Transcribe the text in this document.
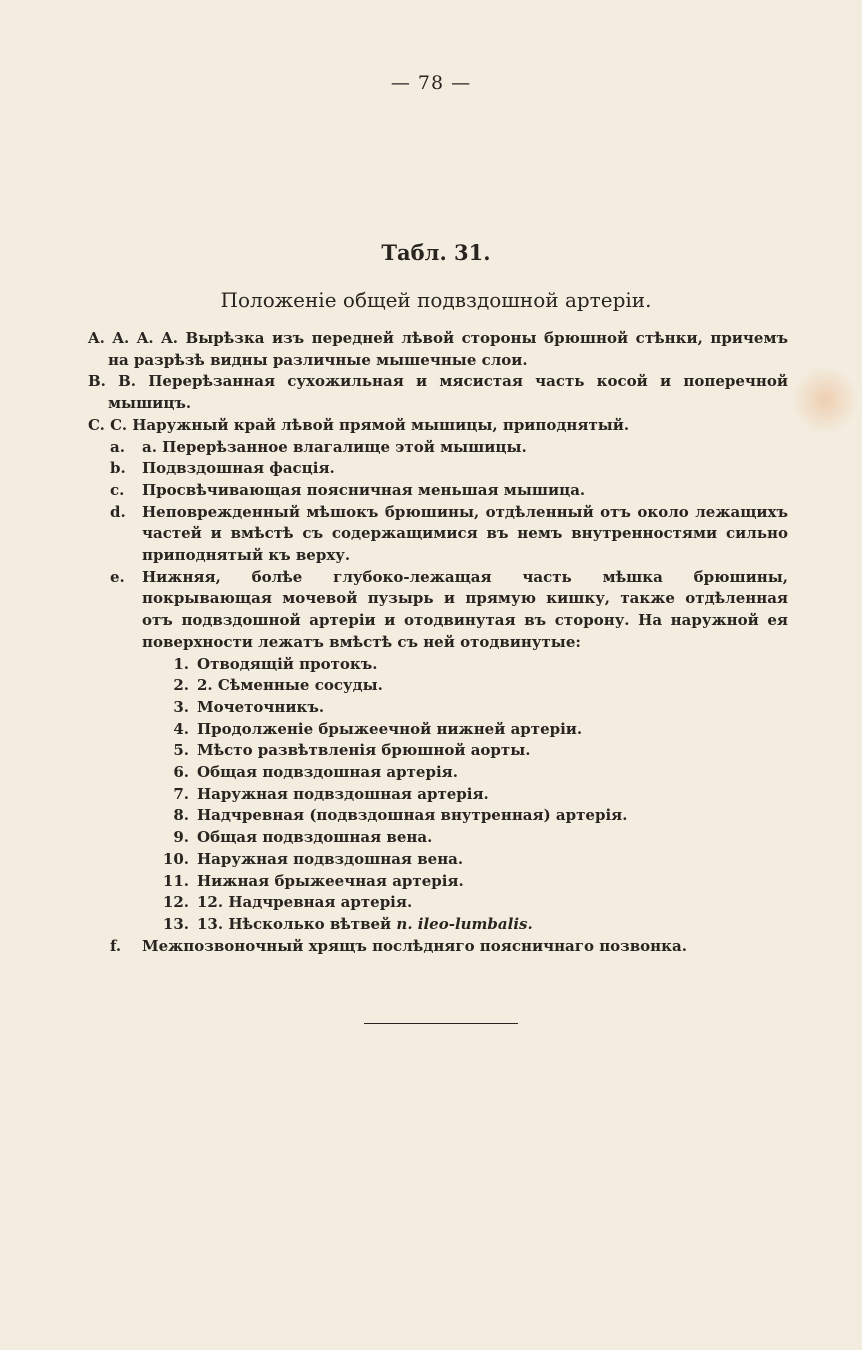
— 78 —
Табл. 31.
Положенiе общей подвздошной артерiи.
A. A. A. A. Вырѣзка изъ передней лѣвой стороны брюшной стѣнки, причемъ на разрѣзѣ видны различные мышечные слои.
B. B. Перерѣзанная сухожильная и мясистая часть косой и поперечной мышицъ.
C. C. Наружный край лѣвой прямой мышицы, приподнятый.
a.	a. Перерѣзанное влагалище этой мышицы.
b.	Подвздошная фасцiя.
c.	Просвѣчивающая поясничная меньшая мышица.
d.	Неповрежденный мѣшокъ брюшины, отдѣленный отъ около лежащихъ частей и вмѣстѣ съ содержащимися въ немъ внутренностями сильно приподнятый къ верху.
e.	Нижняя, болѣе глубоко-лежащая часть мѣшка брюшины, покрывающая мочевой пузырь и прямую кишку, также отдѣленная отъ подвздошной артерiи и отодвинутая въ сторону. На наружной ея поверхности лежатъ вмѣстѣ съ ней отодвинутые:
1. Отводящiй протокъ.
2. 2. Сѣменные сосуды.
3. Мочеточникъ.
4. Продолженiе брыжеечной нижней артерiи.
5. Мѣсто развѣтвленiя брюшной аорты.
6. Общая подвздошная артерiя.
7. Наружная подвздошная артерiя.
8. Надчревная (подвздошная внутренная) артерiя.
9. Общая подвздошная вена.
10. Наружная подвздошная вена.
11. Нижная брыжеечная артерiя.
12. 12. Надчревная артерiя.
13. 13. Нѣсколько вѣтвей n. ileo-lumbalis.
f.	Межпозвоночный хрящъ послѣдняго поясничнаго позвонка.
